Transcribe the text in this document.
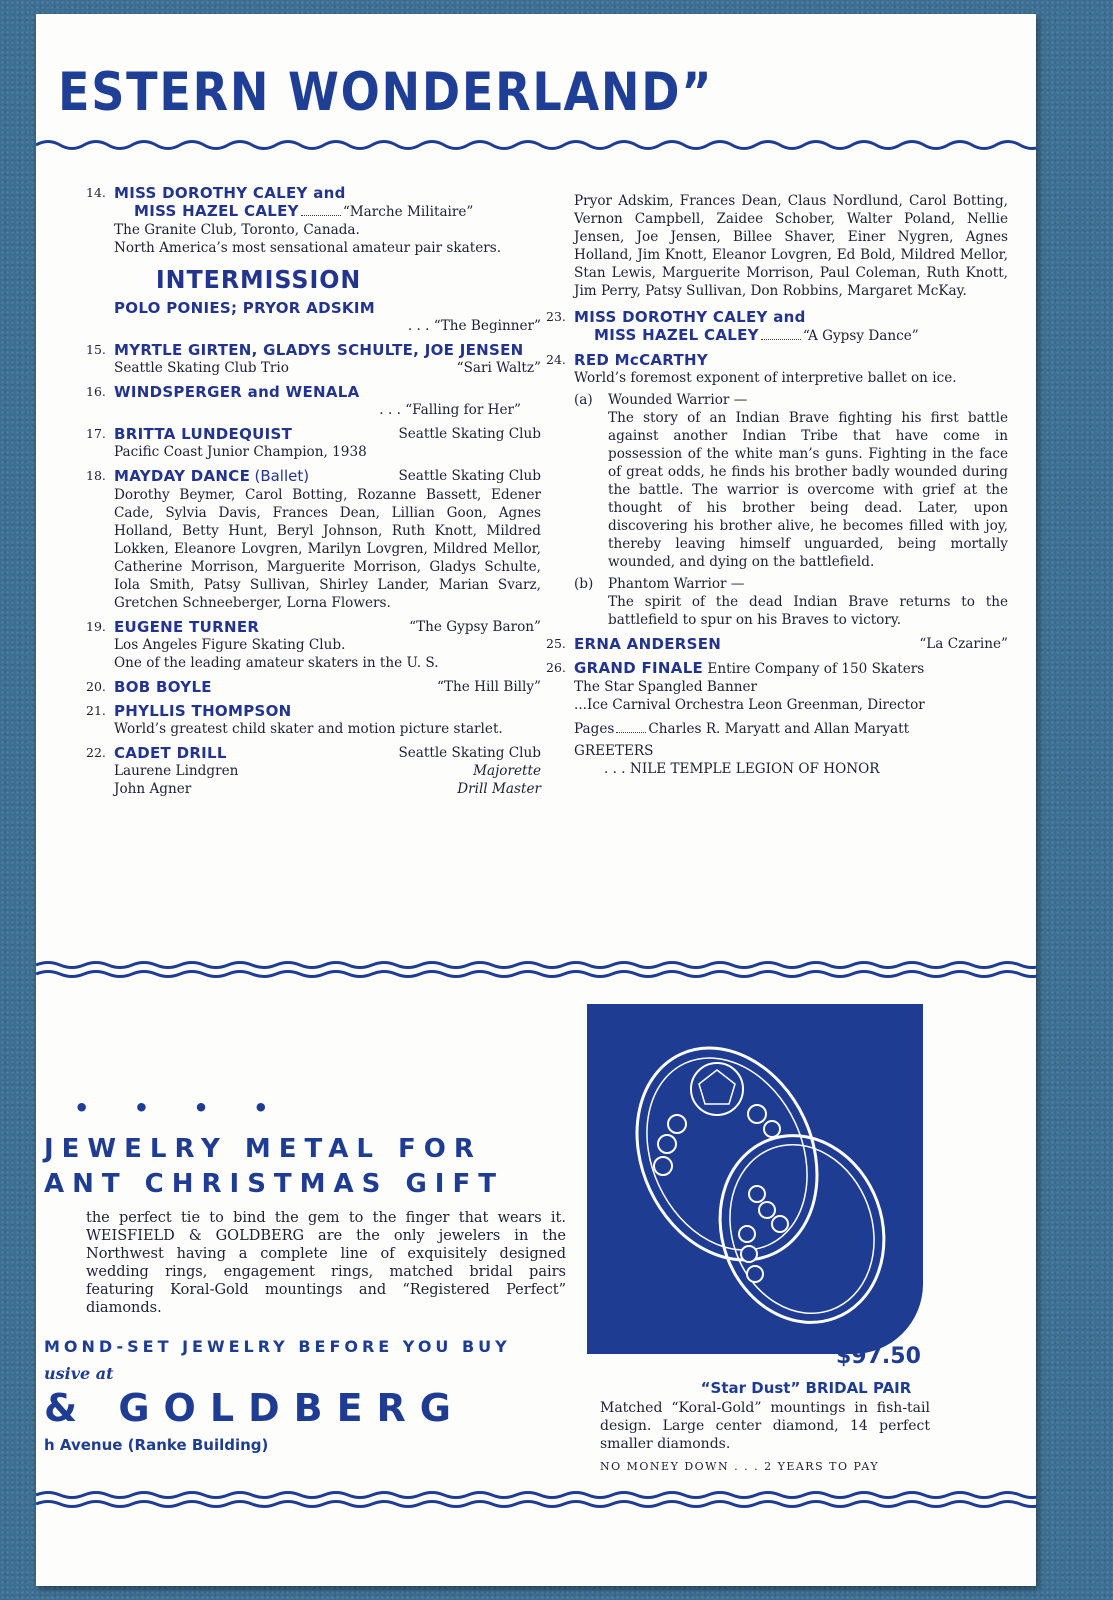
ESTERN WONDERLAND”
14. MISS DOROTHY CALEY and
MISS HAZEL CALEY	“Marche Militaire”
The Granite Club, Toronto, Canada.
North America’s most sensational amateur pair skaters.
INTERMISSION
POLO PONIES; PRYOR ADSKIM
. . . “The Beginner”
15. MYRTLE GIRTEN, GLADYS SCHULTE, JOE JENSEN
Seattle Skating Club Trio	“Sari Waltz”
16. WINDSPERGER and WENALA
. . . “Falling for Her”
17. BRITTA LUNDEQUIST	Seattle Skating Club
Pacific Coast Junior Champion, 1938
18. MAYDAY DANCE (Ballet)	Seattle Skating Club
Dorothy Beymer, Carol Botting, Rozanne Bassett, Edener Cade, Sylvia Davis, Frances Dean, Lillian Goon, Agnes Holland, Betty Hunt, Beryl Johnson, Ruth Knott, Mildred Lokken, Eleanore Lovgren, Marilyn Lovgren, Mildred Mellor, Catherine Morrison, Marguerite Morrison, Gladys Schulte, Iola Smith, Patsy Sullivan, Shirley Lander, Marian Svarz, Gretchen Schneeberger, Lorna Flowers.
19. EUGENE TURNER	“The Gypsy Baron”
Los Angeles Figure Skating Club.
One of the leading amateur skaters in the U. S.
20. BOB BOYLE	“The Hill Billy”
21. PHYLLIS THOMPSON
World’s greatest child skater and motion picture starlet.
22. CADET DRILL	Seattle Skating Club
Laurene Lindgren	Majorette
John Agner	Drill Master
Pryor Adskim, Frances Dean, Claus Nordlund, Carol Botting, Vernon Campbell, Zaidee Schober, Walter Poland, Nellie Jensen, Joe Jensen, Billee Shaver, Einer Nygren, Agnes Holland, Jim Knott, Eleanor Lovgren, Ed Bold, Mildred Mellor, Stan Lewis, Marguerite Morrison, Paul Coleman, Ruth Knott, Jim Perry, Patsy Sullivan, Don Robbins, Margaret McKay.
23. MISS DOROTHY CALEY and
MISS HAZEL CALEY	“A Gypsy Dance”
24. RED McCARTHY
World’s foremost exponent of interpretive ballet on ice.
(a) Wounded Warrior —
The story of an Indian Brave fighting his first battle against another Indian Tribe that have come in possession of the white man’s guns. Fighting in the face of great odds, he finds his brother badly wounded during the battle. The warrior is overcome with grief at the thought of his brother being dead. Later, upon discovering his brother alive, he becomes filled with joy, thereby leaving himself unguarded, being mortally wounded, and dying on the battlefield.
(b) Phantom Warrior —
The spirit of the dead Indian Brave returns to the battlefield to spur on his Braves to victory.
25. ERNA ANDERSEN	“La Czarine”
26. GRAND FINALE Entire Company of 150 Skaters
The Star Spangled Banner
...Ice Carnival Orchestra Leon Greenman, Director
Pages	Charles R. Maryatt and Allan Maryatt
GREETERS
. . . NILE TEMPLE LEGION OF HONOR
• • • •
JEWELRY METAL FOR
ANT CHRISTMAS GIFT
the perfect tie to bind the gem to the finger that wears it. WEISFIELD & GOLDBERG are the only jewelers in the Northwest having a complete line of exquisitely designed wedding rings, engagement rings, matched bridal pairs featuring Koral-Gold mountings and “Registered Perfect” diamonds.
MOND-SET JEWELRY BEFORE YOU BUY
usive at
& GOLDBERG
h Avenue (Ranke Building)
$97.50
“Star Dust” BRIDAL PAIR
Matched “Koral-Gold” mountings in fish-tail design. Large center diamond, 14 perfect smaller diamonds.
NO MONEY DOWN . . . 2 YEARS TO PAY
